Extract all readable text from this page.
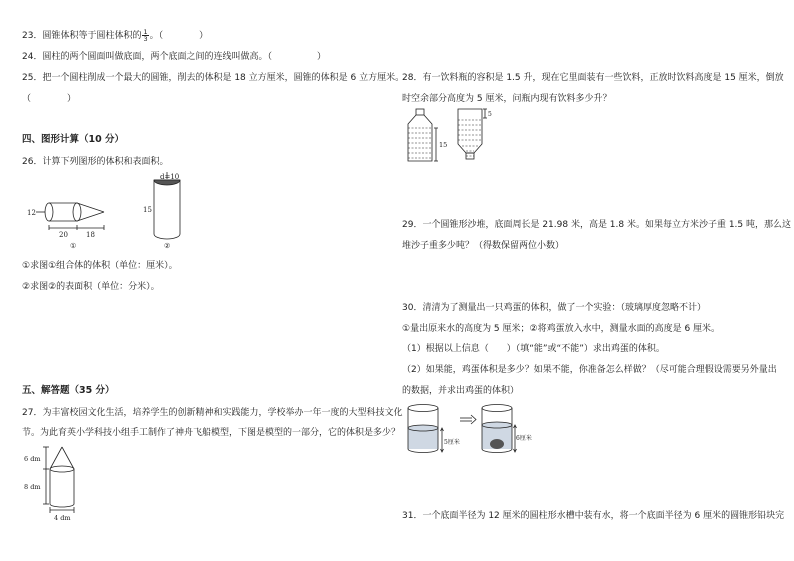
23．圆锥体积等于圆柱体积的 $\frac{1}{3}$ 。（　　　　）
24．圆柱的两个圆面叫做底面，两个底面之间的连线叫做高。（　　　　　）
25．把一个圆柱削成一个最大的圆锥，削去的体积是 18 立方厘米，圆锥的体积是 6 立方厘米。
（　　　　）
四、图形计算（10 分）
26．计算下列图形的体积和表面积。
12
20	18
①
d=10
15
②
①求图①组合体的体积（单位：厘米）。
②求图②的表面积（单位：分米）。
五、解答题（35 分）
27．为丰富校园文化生活，培养学生的创新精神和实践能力，学校举办一年一度的大型科技文化
节。为此育英小学科技小组手工制作了神舟飞船模型，下图是模型的一部分，它的体积是多少？
6 dm
8 dm
4 dm
28．有一饮料瓶的容积是 1.5 升，现在它里面装有一些饮料，正放时饮料高度是 15 厘米，倒放
时空余部分高度为 5 厘米，问瓶内现有饮料多少升？
15
5
29．一个圆锥形沙堆，底面周长是 21.98 米，高是 1.8 米。如果每立方米沙子重 1.5 吨，那么这
堆沙子重多少吨？（得数保留两位小数）
30．清清为了测量出一只鸡蛋的体积，做了一个实验：（玻璃厚度忽略不计）
①量出原来水的高度为 5 厘米；②将鸡蛋放入水中，测量水面的高度是 6 厘米。
（1）根据以上信息（　　）（填“能”或“不能”）求出鸡蛋的体积。
（2）如果能，鸡蛋体积是多少？如果不能，你准备怎么样做？（尽可能合理假设需要另外量出
的数据，并求出鸡蛋的体积）
5厘米
6厘米
31．一个底面半径为 12 厘米的圆柱形水槽中装有水，将一个底面半径为 6 厘米的圆锥形铅块完
